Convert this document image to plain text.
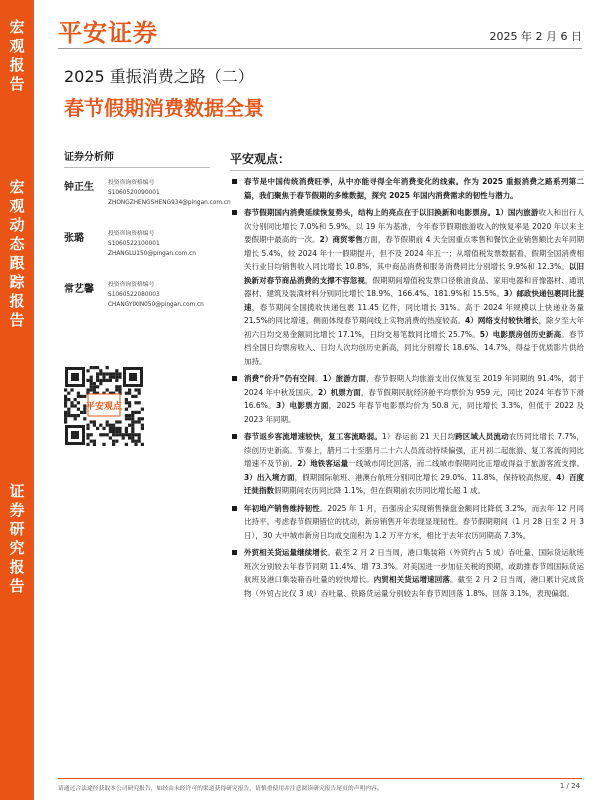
宏观报告
宏观动态跟踪报告
证券研究报告
平安证券	2025 年 2 月 6 日
2025 重振消费之路（二）
春节假期消费数据全景
证券分析师
钟正生 投资咨询资格编号
S1060520090001
ZHONGZHENGSHENG934@pingan.com.cn
张璐	投资咨询资格编号
S1060522100001
ZHANGLU150@pingan.com.cn
常艺馨 投资咨询资格编号
S1060522080003
CHANGYIXIN050@pingan.com.cn
平安观点
平安观点：
春节是中国传统消费旺季，从中亦能寻得全年消费变化的线索。作为 2025 重振消费之路系列第二篇，我们聚焦于春节假期的多维数据，探究 2025 年国内消费需求的韧性与潜力。
春节假期国内消费延续恢复势头，结构上的亮点在于以旧换新和电影票房。1）国内旅游收入和出行人次分别同比增长 7.0%和 5.9%。以 19 年为基准，今年春节假期旅游收入的恢复率是 2020 年以来主要假期中最高的一次。2）商贸零售方面，春节假期前 4 天全国重点零售和餐饮企业销售额比去年同期增长 5.4%，较 2024 年十一假期提升，但不及 2024 年五一；从增值税发票数据看，假期全国消费相关行业日均销售收入同比增长 10.8%，其中商品消费和服务消费同比分别增长 9.9%和 12.3%。以旧换新对春节商品消费的支撑不容忽视，假期期间增值税发票口径粮油食品、家用电器和音像器材、通讯器材、建筑及装潢材料分别同比增长 18.9%、166.4%、181.9%和 15.5%。3）邮政快递包裹同比提速，春节期间全国揽收快递包裹 11.45 亿件，同比增长 31%。高于 2024 年规模以上快递业务量 21.5%的同比增速，侧面体现春节期间线上实物消费的热度较高。4）网络支付较快增长，除夕至大年初六日均交易金额同比增长 17.1%，日均交易笔数同比增长 25.7%。5）电影票房创历史新高。春节档全国日均票房收入、日均人次均创历史新高，同比分别增长 18.6%、14.7%，得益于优质影片供给加持。
消费“价升”仍有空间。1）旅游方面，春节假期人均旅游支出仅恢复至 2019 年同期的 91.4%，弱于 2024 年中秋及国庆。2）机票方面，春节假期民航经济舱平均票价为 959 元，同比 2024 年春节下滑 16.6%。3）电影票方面，2025 年春节电影票均价为 50.8 元，同比增长 3.3%，但低于 2022 及 2023 年同期。
春节返乡客流增速较快，复工客流略弱。1）春运前 21 天日均跨区域人员流动农历同比增长 7.7%，续创历史新高。节奏上，腊月二十至腊月二十六人员流动持续偏强，正月初二起旅游、复工客流的同比增速不及节前。2）地铁客运量一线城市同比回落，而二线城市假期同比正增或得益于旅游客流支撑。3）出入境方面，假期国际航班、港澳台航班分别同比增长 29.0%、11.8%，保持较高热度。4）百度迁徙指数假期期间农历同比降 1.1%，但在假期前农历同比增长超 1 成。
年初地产销售维持韧性。2025 年 1 月，百强房企实现销售操盘金额同比降低 3.2%，而去年 12 月同比持平。考虑春节假期错位的扰动，新房销售开年表现显现韧性。春节假期期间（1 月 28 日至 2 月 3 日），30 大中城市新房日均成交面积为 1.2 万平方米，相比于去年农历同期高 7.3%。
外贸相关货运量继续增长。截至 2 月 2 日当周，港口集装箱（外贸约占 5 成）吞吐量、国际货运航班班次分别较去年春节同期 11.4%、增 73.3%。对美国进一步加征关税的预期，或助推春节周国际货运航班及港口集装箱吞吐量的较快增长。内贸相关货运增速回落。截至 2 月 2 日当周，港口累计完成货物（外贸占比仅 3 成）吞吐量、铁路货运量分别较去年春节周回落 1.8%、回落 3.1%，表现偏弱。
请通过合法途径获取本公司研究报告，如经由未经许可的渠道获得研究报告，请慎重使用并注意阅读研究报告尾页的声明内容。	1 / 24
